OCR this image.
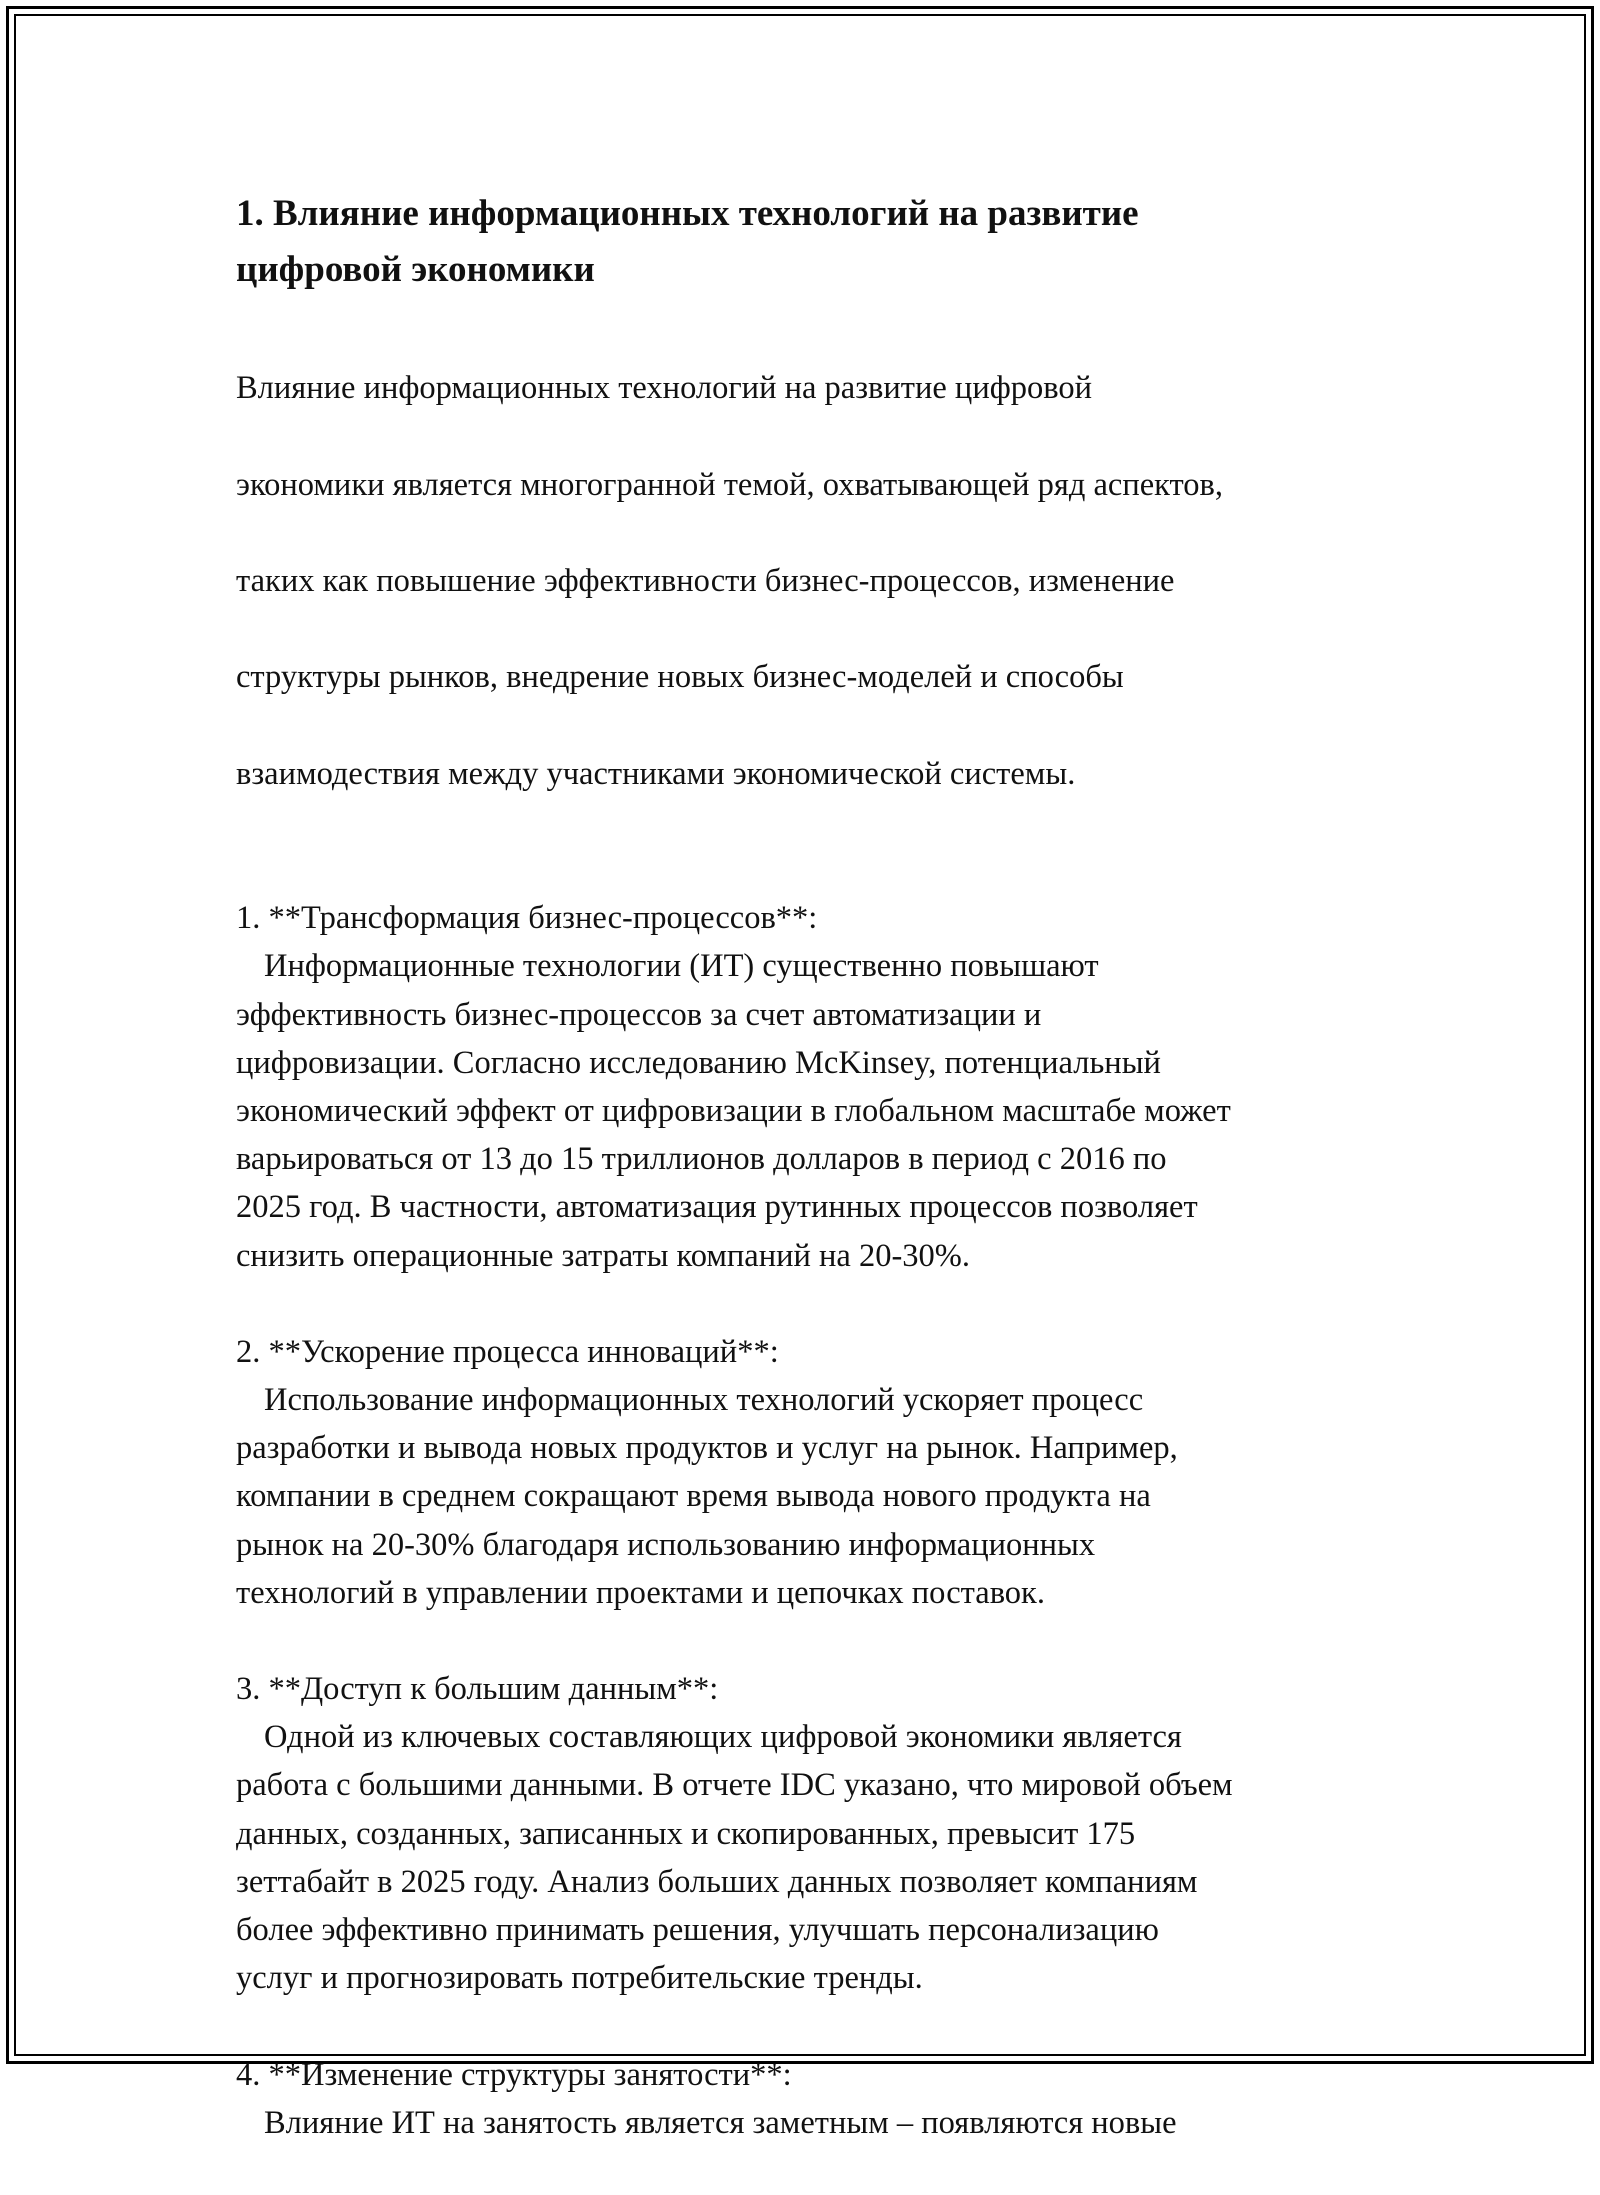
1. Влияние информационных технологий на развитие
цифровой экономики

Влияние информационных технологий на развитие цифровой

экономики является многогранной темой, охватывающей ряд аспектов,

таких как повышение эффективности бизнес-процессов, изменение

структуры рынков, внедрение новых бизнес-моделей и способы

взаимодествия между участниками экономической системы.

1. **Трансформация бизнес-процессов**:

Информационные технологии (ИТ) существенно повышают
эффективность бизнес-процессов за счет автоматизации и
цифровизации. Согласно исследованию McKinsey, потенциальный
экономический эффект от цифровизации в глобальном масштабе может
варьироваться от 13 до 15 триллионов долларов в период с 2016 по
2025 год. В частности, автоматизация рутинных процессов позволяет
снизить операционные затраты компаний на 20-30%.

2. **Ускорение процесса инноваций**:

Использование информационных технологий ускоряет процесс
разработки и вывода новых продуктов и услуг на рынок. Например,
компании в среднем сокращают время вывода нового продукта на
рынок на 20-30% благодаря использованию информационных
технологий в управлении проектами и цепочках поставок.

3. **Доступ к большим данным**:

Одной из ключевых составляющих цифровой экономики является
работа с большими данными. В отчете IDC указано, что мировой объем
данных, созданных, записанных и скопированных, превысит 175
зеттабайт в 2025 году. Анализ больших данных позволяет компаниям
более эффективно принимать решения, улучшать персонализацию
услуг и прогнозировать потребительские тренды.

4. **Изменение структуры занятости**:

Влияние ИТ на занятость является заметным – появляются новые
